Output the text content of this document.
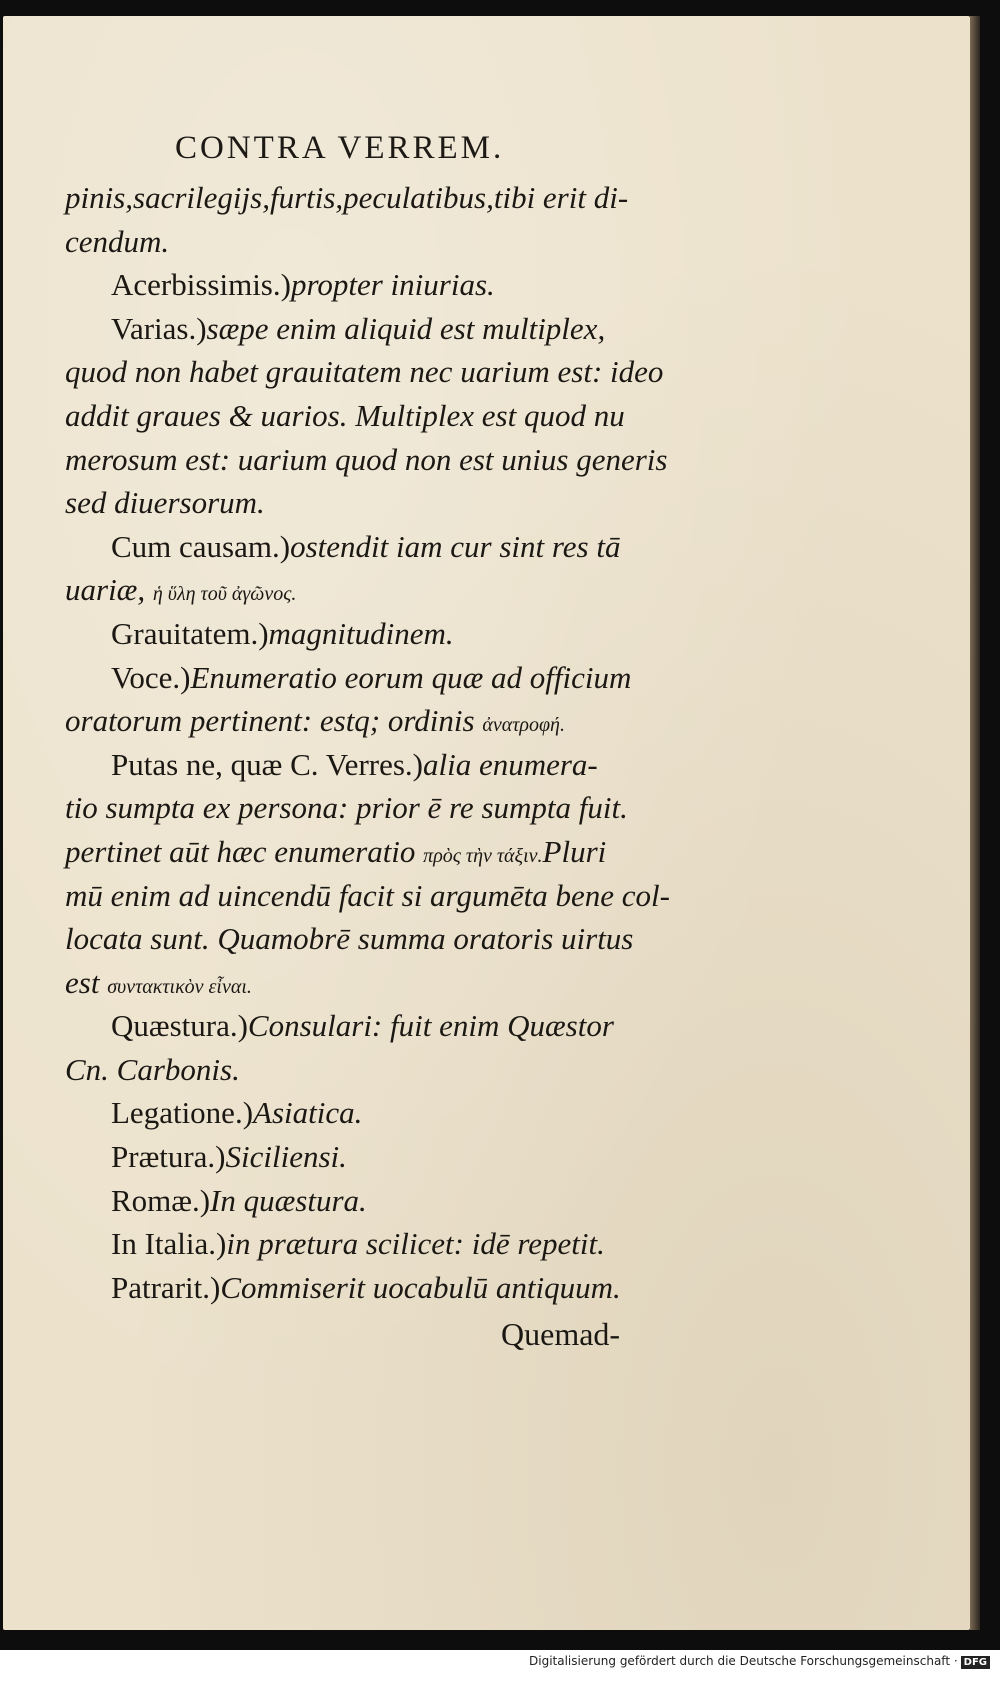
CONTRA VERREM.
pinis,sacrilegijs,furtis,peculatibus,tibi erit di-
cendum.
Acerbissimis.)propter iniurias.
Varias.)sæpe enim aliquid est multiplex,
quod non habet grauitatem nec uarium est: ideo
addit graues & uarios. Multiplex est quod nu
merosum est: uarium quod non est unius generis
sed diuersorum.
Cum causam.)ostendit iam cur sint res tā
uariæ, ἡ ὕλη τοῦ ἀγῶνος.
Grauitatem.)magnitudinem.
Voce.)Enumeratio eorum quæ ad officium
oratorum pertinent: estq; ordinis ἀνατροφή.
Putas ne, quæ C. Verres.)alia enumera-
tio sumpta ex persona: prior ē re sumpta fuit.
pertinet aūt hæc enumeratio πρὸς τὴν τάξιν.Pluri
mū enim ad uincendū facit si argumēta bene col-
locata sunt. Quamobrē summa oratoris uirtus
est συντακτικὸν εἶναι.
Quæstura.)Consulari: fuit enim Quæstor
Cn. Carbonis.
Legatione.)Asiatica.
Prætura.)Siciliensi.
Romæ.)In quæstura.
In Italia.)in prætura scilicet: idē repetit.
Patrarit.)Commiserit uocabulū antiquum.
Quemad-
Digitalisierung gefördert durch die Deutsche Forschungsgemeinschaft · DFG
